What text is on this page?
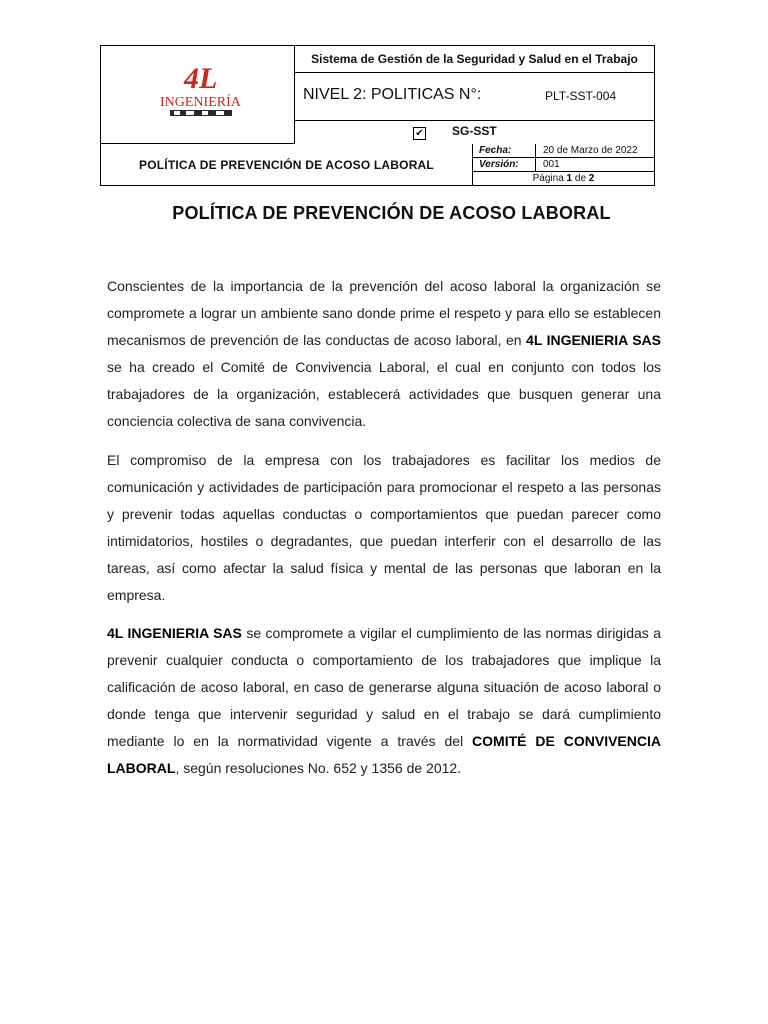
4L
INGENIERÍA
Sistema de Gestión de la Seguridad y Salud en el Trabajo
NIVEL 2: POLITICAS N°:	PLT-SST-004
✔ SG-SST
POLÍTICA DE PREVENCIÓN DE ACOSO LABORAL
Fecha:	20 de Marzo de 2022
Versión: 001
Página 1 de 2
POLÍTICA DE PREVENCIÓN DE ACOSO LABORAL

Conscientes de la importancia de la prevención del acoso laboral la organización se compromete a lograr un ambiente sano donde prime el respeto y para ello se establecen mecanismos de prevención de las conductas de acoso laboral, en 4L INGENIERIA SAS se ha creado el Comité de Convivencia Laboral, el cual en conjunto con todos los trabajadores de la organización, establecerá actividades que busquen generar una conciencia colectiva de sana convivencia.

El compromiso de la empresa con los trabajadores es facilitar los medios de comunicación y actividades de participación para promocionar el respeto a las personas y prevenir todas aquellas conductas o comportamientos que puedan parecer como intimidatorios, hostiles o degradantes, que puedan interferir con el desarrollo de las tareas, así como afectar la salud física y mental de las personas que laboran en la empresa.

4L INGENIERIA SAS se compromete a vigilar el cumplimiento de las normas dirigidas a prevenir cualquier conducta o comportamiento de los trabajadores que implique la calificación de acoso laboral, en caso de generarse alguna situación de acoso laboral o donde tenga que intervenir seguridad y salud en el trabajo se dará cumplimiento mediante lo en la normatividad vigente a través del COMITÉ DE CONVIVENCIA LABORAL, según resoluciones No. 652 y 1356 de 2012.
